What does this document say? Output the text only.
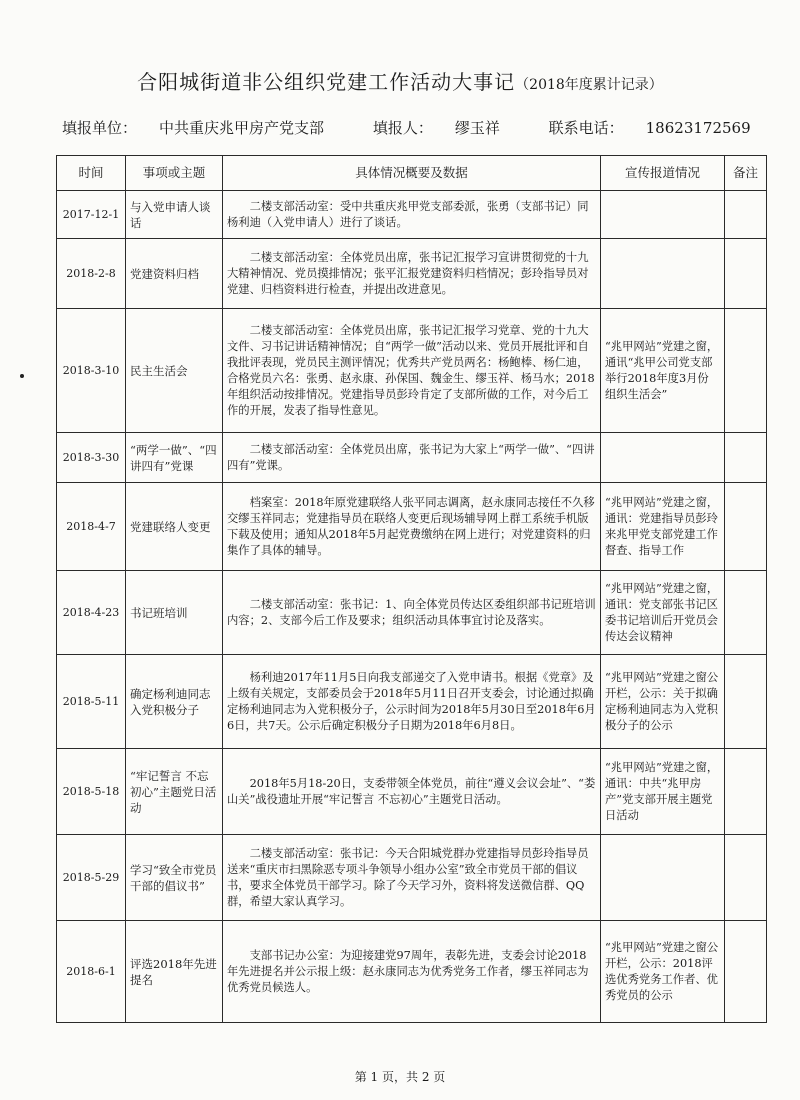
合阳城街道非公组织党建工作活动大事记（2018年度累计记录）
填报单位： 中共重庆兆甲房产党支部	填报人： 缪玉祥	联系电话： 18623172569
时间	事项或主题	具体情况概要及数据	宣传报道情况	备注
2017-12-1	与入党申请人谈话	二楼支部活动室：受中共重庆兆甲党支部委派，张勇（支部书记）同杨利迪（入党申请人）进行了谈话。		
2018-2-8	党建资料归档	二楼支部活动室：全体党员出席，张书记汇报学习宣讲贯彻党的十九大精神情况、党员摸排情况；张平汇报党建资料归档情况；彭玲指导员对党建、归档资料进行检查，并提出改进意见。		
2018-3-10	民主生活会	二楼支部活动室：全体党员出席，张书记汇报学习党章、党的十九大文件、习书记讲话精神情况；自“两学一做”活动以来、党员开展批评和自我批评表现，党员民主测评情况；优秀共产党员两名：杨鲍棒、杨仁迪，合格党员六名：张勇、赵永康、孙保国、魏金生、缪玉祥、杨马水；2018年组织活动按排情况。党建指导员彭玲肯定了支部所做的工作，对今后工作的开展，发表了指导性意见。	“兆甲网站”党建之窗，通讯“兆甲公司党支部举行2018年度3月份组织生活会”	
2018-3-30	“两学一做”、“四讲四有”党课	二楼支部活动室：全体党员出席，张书记为大家上“两学一做”、“四讲四有”党课。		
2018-4-7	党建联络人变更	档案室：2018年原党建联络人张平同志调离，赵永康同志接任不久移交缪玉祥同志；党建指导员在联络人变更后现场辅导网上群工系统手机版下载及使用；通知从2018年5月起党费缴纳在网上进行；对党建资料的归集作了具体的辅导。	“兆甲网站”党建之窗，通讯：党建指导员彭玲来兆甲党支部党建工作督查、指导工作	
2018-4-23	书记班培训	二楼支部活动室：张书记：1、向全体党员传达区委组织部书记班培训内容；2、支部今后工作及要求；组织活动具体事宜讨论及落实。	“兆甲网站”党建之窗，通讯：党支部张书记区委书记培训后开党员会传达会议精神	
2018-5-11	确定杨利迪同志入党积极分子	杨利迪2017年11月5日向我支部递交了入党申请书。根据《党章》及上级有关规定，支部委员会于2018年5月11日召开支委会，讨论通过拟确定杨利迪同志为入党积极分子，公示时间为2018年5月30日至2018年6月6日，共7天。公示后确定积极分子日期为2018年6月8日。	“兆甲网站”党建之窗公开栏，公示：关于拟确定杨利迪同志为入党积极分子的公示	
2018-5-18	“牢记誓言 不忘初心”主题党日活动	2018年5月18-20日，支委带领全体党员，前往“遵义会议会址”、“娄山关”战役遗址开展“牢记誓言 不忘初心”主题党日活动。	“兆甲网站”党建之窗，通讯：中共“兆甲房产”党支部开展主题党日活动	
2018-5-29	学习“致全市党员干部的倡议书”	二楼支部活动室：张书记：今天合阳城党群办党建指导员彭玲指导员送来“重庆市扫黑除恶专项斗争领导小组办公室”致全市党员干部的倡议书，要求全体党员干部学习。除了今天学习外，资料将发送微信群、QQ群，希望大家认真学习。		
2018-6-1	评选2018年先进提名	支部书记办公室：为迎接建党97周年，表彰先进，支委会讨论2018年先进提名并公示报上级：赵永康同志为优秀党务工作者，缪玉祥同志为优秀党员候选人。	“兆甲网站”党建之窗公开栏，公示：2018评选优秀党务工作者、优秀党员的公示	
第 1 页，共 2 页
